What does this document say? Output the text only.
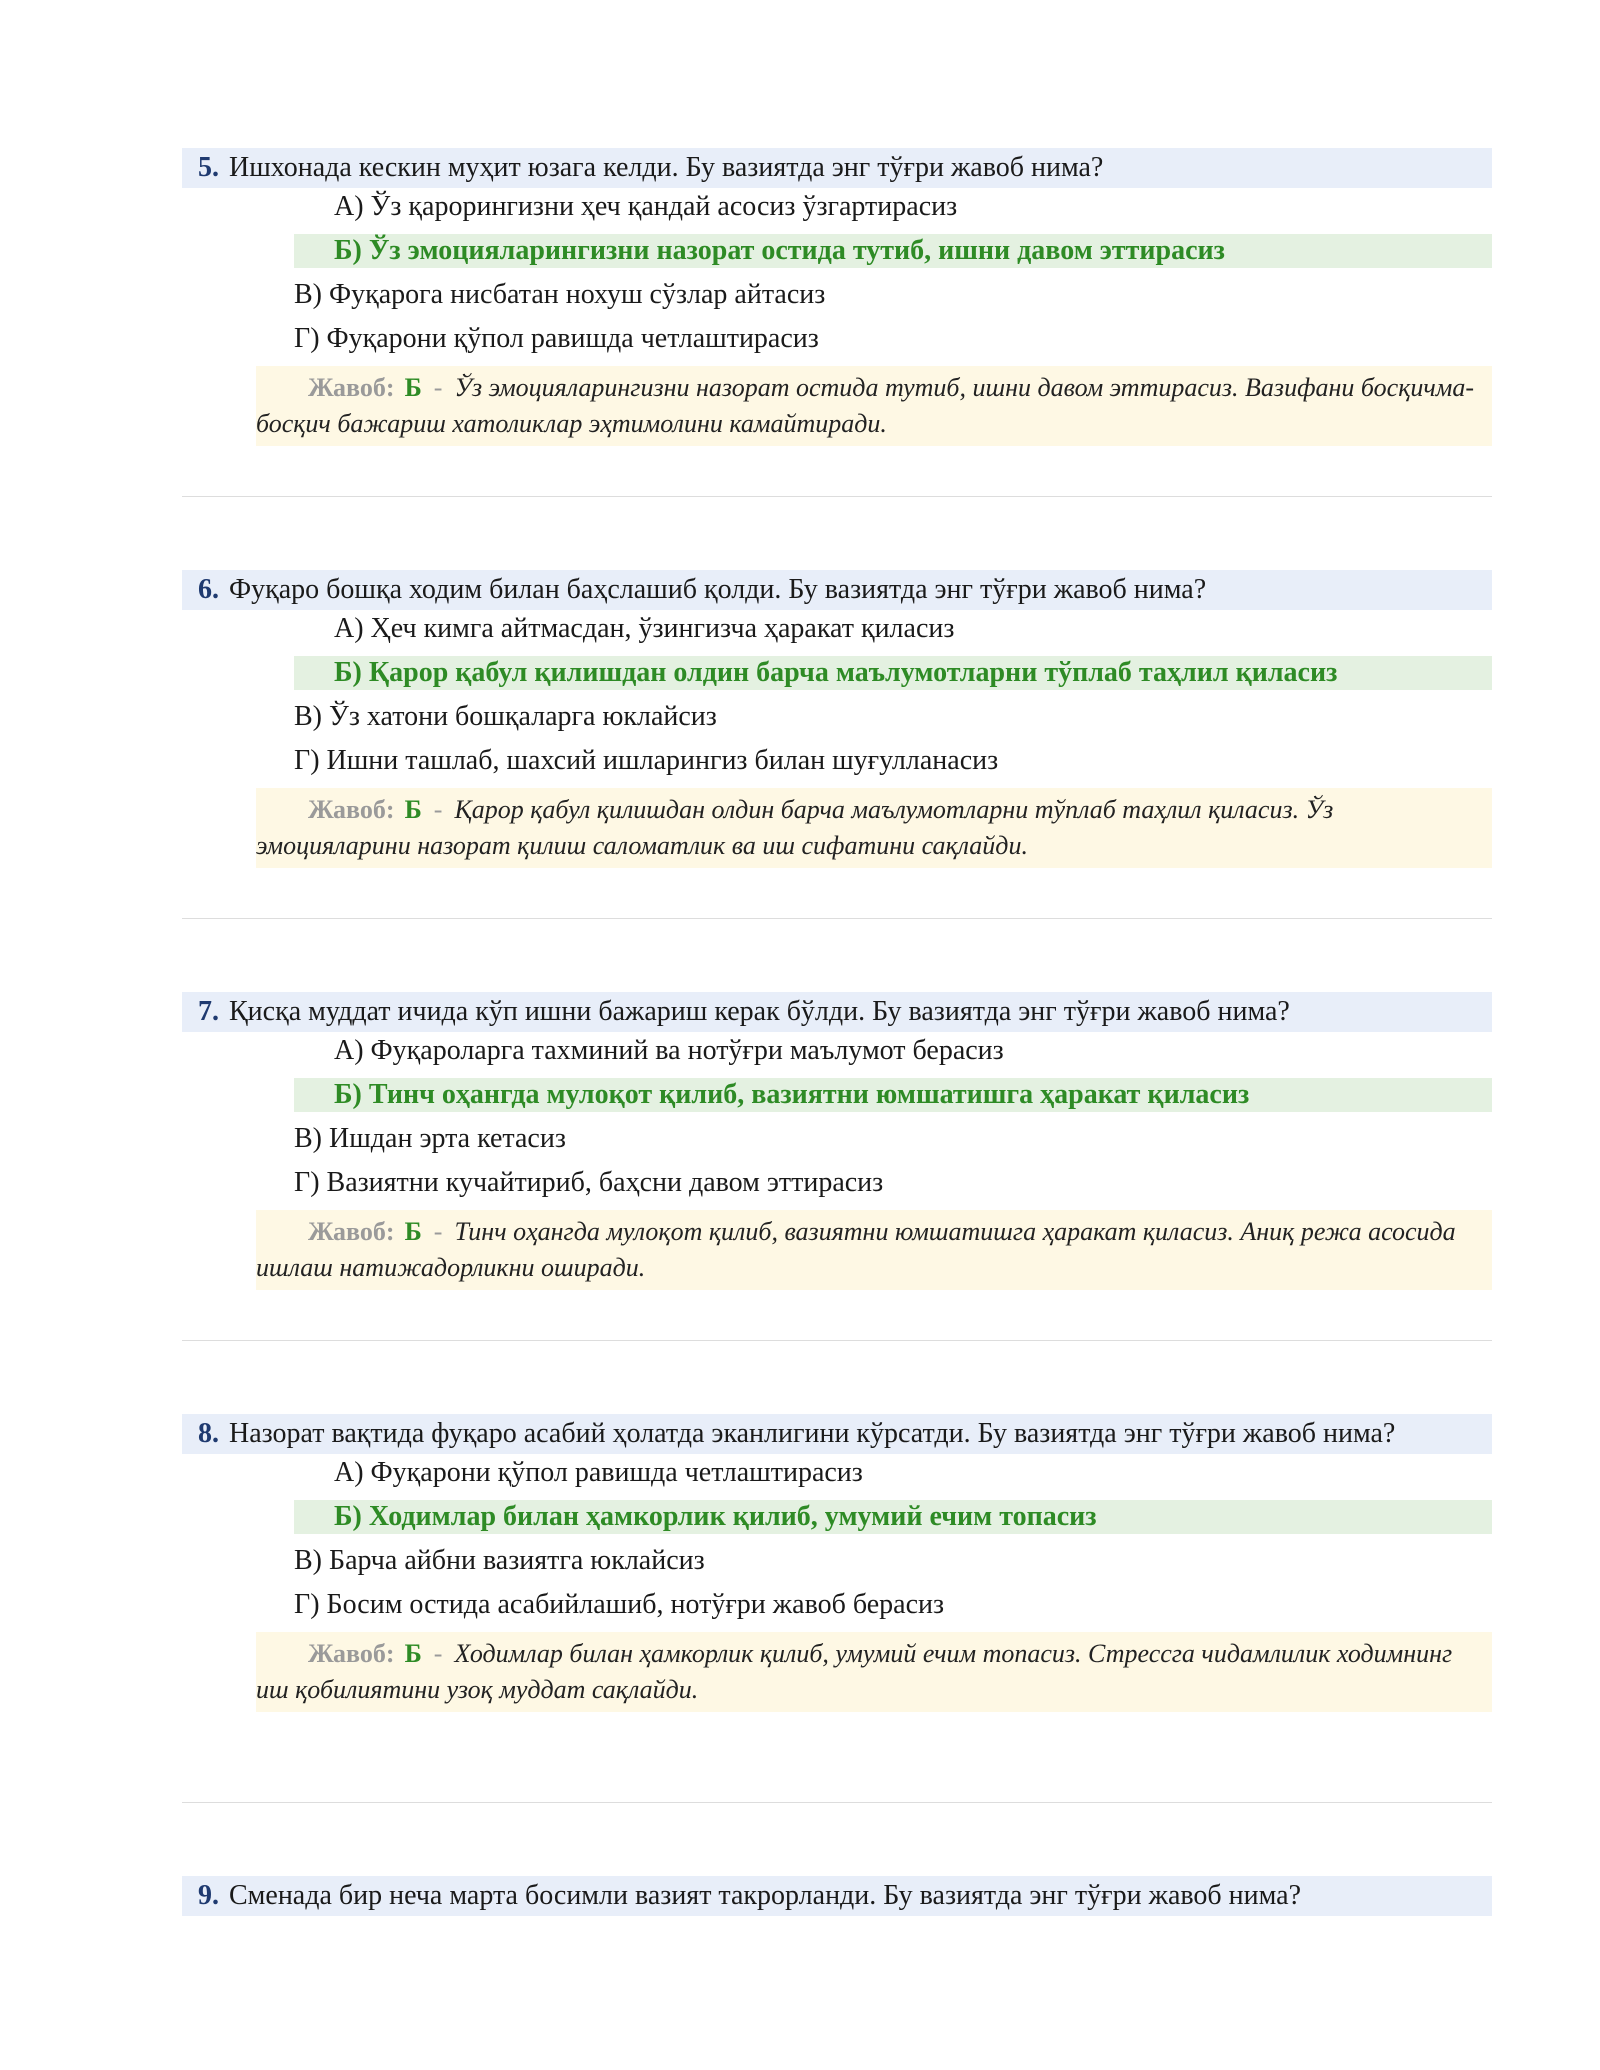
5. Ишхонада кескин муҳит юзага келди. Бу вазиятда энг тўғри жавоб нима?

А) Ўз қарорингизни ҳеч қандай асосиз ўзгартирасиз
Б) Ўз эмоцияларингизни назорат остида тутиб, ишни давом эттирасиз
В) Фуқарога нисбатан нохуш сўзлар айтасиз
Г) Фуқарони қўпол равишда четлаштирасиз
Жавоб: Б - Ўз эмоцияларингизни назорат остида тутиб, ишни давом эттирасиз. Вазифани босқичма-босқич бажариш хатоликлар эҳтимолини камайтиради.

6. Фуқаро бошқа ходим билан баҳслашиб қолди. Бу вазиятда энг тўғри жавоб нима?

А) Ҳеч кимга айтмасдан, ўзингизча ҳаракат қиласиз
Б) Қарор қабул қилишдан олдин барча маълумотларни тўплаб таҳлил қиласиз
В) Ўз хатони бошқаларга юклайсиз
Г) Ишни ташлаб, шахсий ишларингиз билан шуғулланасиз
Жавоб: Б - Қарор қабул қилишдан олдин барча маълумотларни тўплаб таҳлил қиласиз. Ўз эмоцияларини назорат қилиш саломатлик ва иш сифатини сақлайди.

7. Қисқа муддат ичида кўп ишни бажариш керак бўлди. Бу вазиятда энг тўғри жавоб нима?

А) Фуқароларга тахминий ва нотўғри маълумот берасиз
Б) Тинч оҳангда мулоқот қилиб, вазиятни юмшатишга ҳаракат қиласиз
В) Ишдан эрта кетасиз
Г) Вазиятни кучайтириб, баҳсни давом эттирасиз
Жавоб: Б - Тинч оҳангда мулоқот қилиб, вазиятни юмшатишга ҳаракат қиласиз. Аниқ режа асосида ишлаш натижадорликни оширади.

8. Назорат вақтида фуқаро асабий ҳолатда эканлигини кўрсатди. Бу вазиятда энг тўғри жавоб нима?

А) Фуқарони қўпол равишда четлаштирасиз
Б) Ходимлар билан ҳамкорлик қилиб, умумий ечим топасиз
В) Барча айбни вазиятга юклайсиз
Г) Босим остида асабийлашиб, нотўғри жавоб берасиз
Жавоб: Б - Ходимлар билан ҳамкорлик қилиб, умумий ечим топасиз. Стрессга чидамлилик ходимнинг иш қобилиятини узоқ муддат сақлайди.

9. Сменада бир неча марта босимли вазият такрорланди. Бу вазиятда энг тўғри жавоб нима?
